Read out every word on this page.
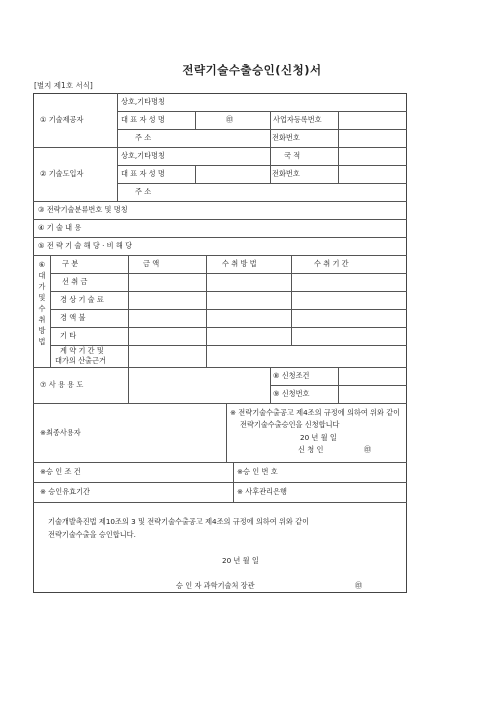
전략기술수출승인(신청)서
[별지 제1호 서식]
① 기술제공자
상호,기타명칭
대 표 자 성 명	㊞	사업자등록번호
주 소	전화번호
② 기술도입자
상호,기타명칭	국 적
대 표 자 성 명	전화번호
주 소
③ 전략기술분류번호 및 명칭
④ 기 술 내 용
⑤ 전 략 기 술 해 당 · 비 해 당
⑥대가및수취방법
구 분	금 액	수 취 방 법	수 취 기 간
선 취 금
경 상 기 술 료
경 액 불
기 타
계 약 기 간 및
대가의 산출근거
⑦ 사 용 용 도
⑧ 신청조건
⑨ 신청번호
※최종사용자
※ 전략기술수출공고 제4조의 규정에 의하여 위와 같이
전략기술수출승인을 신청합니다
20 년 월 일
신 청 인	㊞
※승 인 조 건	※승 인 번 호
※ 승인유효기간	※ 사후관리은행
기술개발촉진법 제10조의 3 및 전략기술수출공고 제4조의 규정에 의하여 위와 같이
전략기술수출을 승인합니다.
20 년 월 일
승 인 자 과학기술처 장관	㊞
